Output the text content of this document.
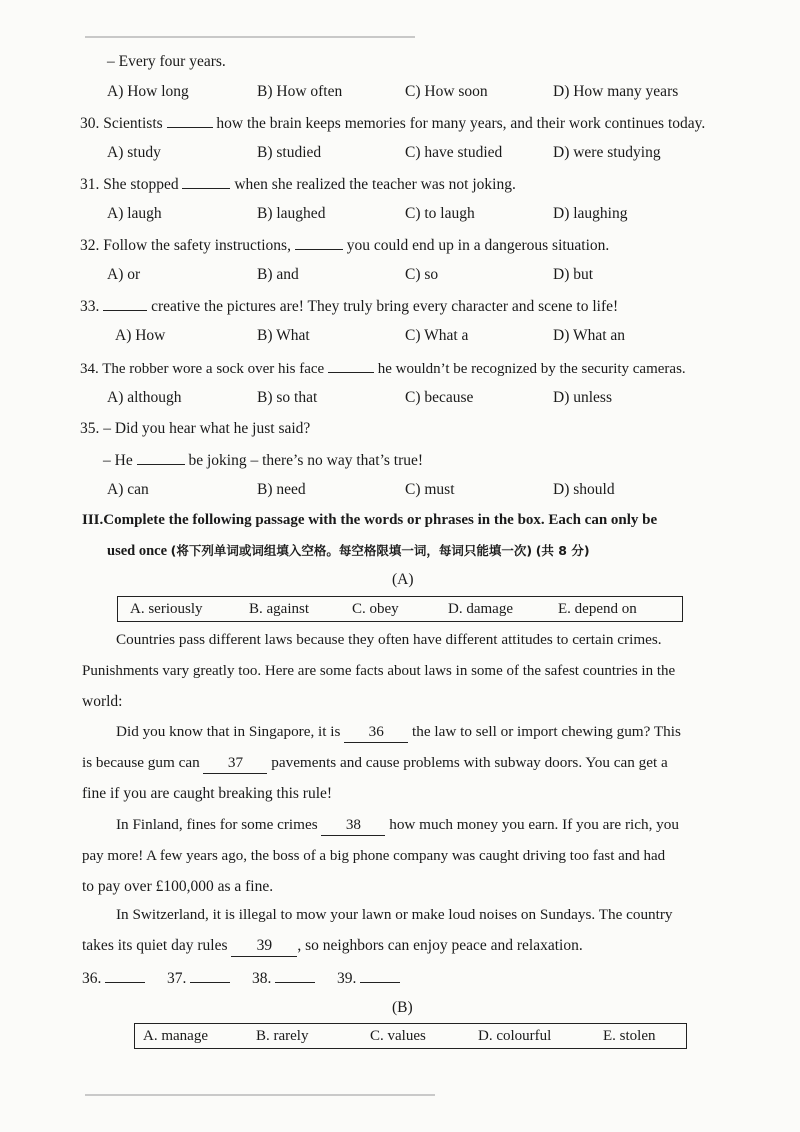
– Every four years.
A) How long	B) How often	C) How soon	D) How many years
30. Scientists	how the brain keeps memories for many years, and their work continues today.
A) study	B) studied	C) have studied	D) were studying
31. She stopped	when she realized the teacher was not joking.
A) laugh	B) laughed	C) to laugh	D) laughing
32. Follow the safety instructions,	you could end up in a dangerous situation.
A) or	B) and	C) so	D) but
33.	creative the pictures are! They truly bring every character and scene to life!
A) How	B) What	C) What a	D) What an
34. The robber wore a sock over his face	he wouldn’t be recognized by the security cameras.
A) although	B) so that	C) because	D) unless
35. – Did you hear what he just said?
– He	be joking – there’s no way that’s true!
A) can	B) need	C) must	D) should
III.Complete the following passage with the words or phrases in the box. Each can only be
used once (将下列单词或词组填入空格。每空格限填一词，每词只能填一次) (共 8 分)
(A)
A. seriously	B. against	C. obey	D. damage	E. depend on
Countries pass different laws because they often have different attitudes to certain crimes.
Punishments vary greatly too. Here are some facts about laws in some of the safest countries in the
world:
Did you know that in Singapore, it is 36 the law to sell or import chewing gum? This
is because gum can 37 pavements and cause problems with subway doors. You can get a
fine if you are caught breaking this rule!
In Finland, fines for some crimes 38 how much money you earn. If you are rich, you
pay more! A few years ago, the boss of a big phone company was caught driving too fast and had
to pay over £100,000 as a fine.
In Switzerland, it is illegal to mow your lawn or make loud noises on Sundays. The country
takes its quiet day rules 39 , so neighbors can enjoy peace and relaxation.
36.	37.	38.	39.
(B)
A. manage	B. rarely	C. values	D. colourful	E. stolen
